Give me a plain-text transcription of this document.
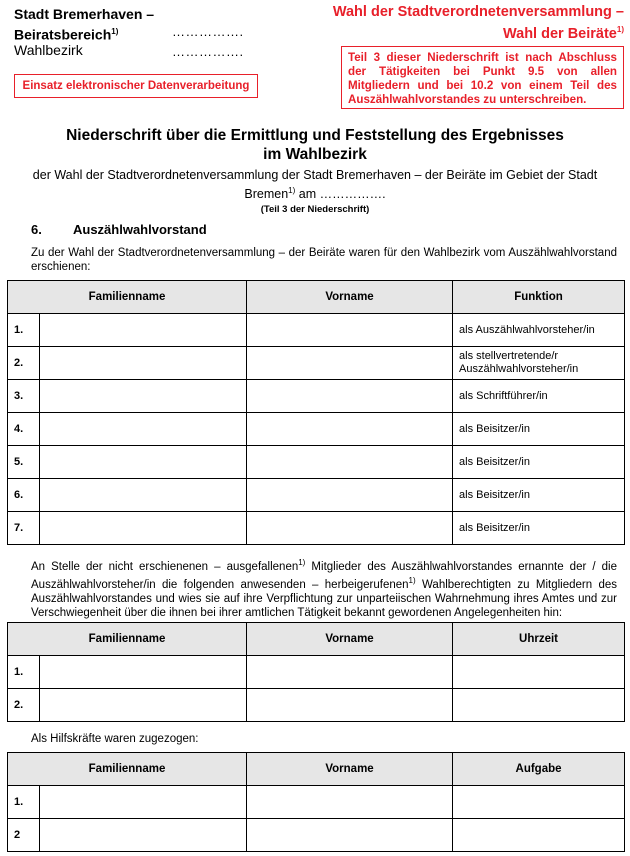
Stadt Bremerhaven –
Beiratsbereich$^{1)}$	…………….
Wahlbezirk	…………….
Einsatz elektronischer Datenverarbeitung
Wahl der Stadtverordnetenversammlung –
Wahl der Beiräte$^{1)}$
Teil 3 dieser Niederschrift ist nach Abschluss der Tätigkeiten bei Punkt 9.5 von allen Mitgliedern und bei 10.2 von einem Teil des Auszählwahlvorstandes zu unterschreiben.
Niederschrift über die Ermittlung und Feststellung des Ergebnisses
im Wahlbezirk
der Wahl der Stadtverordnetenversammlung der Stadt Bremerhaven – der Beiräte im Gebiet der Stadt
Bremen$^{1)}$ am …………….
(Teil 3 der Niederschrift)
6. Auszählwahlvorstand
Zu der Wahl der Stadtverordnetenversammlung – der Beiräte waren für den Wahlbezirk vom Auszählwahlvorstand erschienen:
Familienname		Vorname	Funktion
1.			als Auszählwahlvorsteher/in
2.			als stellvertretende/r Auszählwahlvorsteher/in
3.			als Schriftführer/in
4.			als Beisitzer/in
5.			als Beisitzer/in
6.			als Beisitzer/in
7.			als Beisitzer/in
An Stelle der nicht erschienenen – ausgefallenen$^{1)}$ Mitglieder des Auszählwahlvorstandes ernannte der / die Auszählwahlvorsteher/in die folgenden anwesenden – herbeigerufenen$^{1)}$ Wahlberechtigten zu Mitgliedern des Auszählwahlvorstandes und wies sie auf ihre Verpflichtung zur unparteiischen Wahrnehmung ihres Amtes und zur Verschwiegenheit über die ihnen bei ihrer amtlichen Tätigkeit bekannt gewordenen Angelegenheiten hin:
Familienname		Vorname	Uhrzeit
1.			
2.			
Als Hilfskräfte waren zugezogen:
Familienname		Vorname	Aufgabe
1.			
2			
